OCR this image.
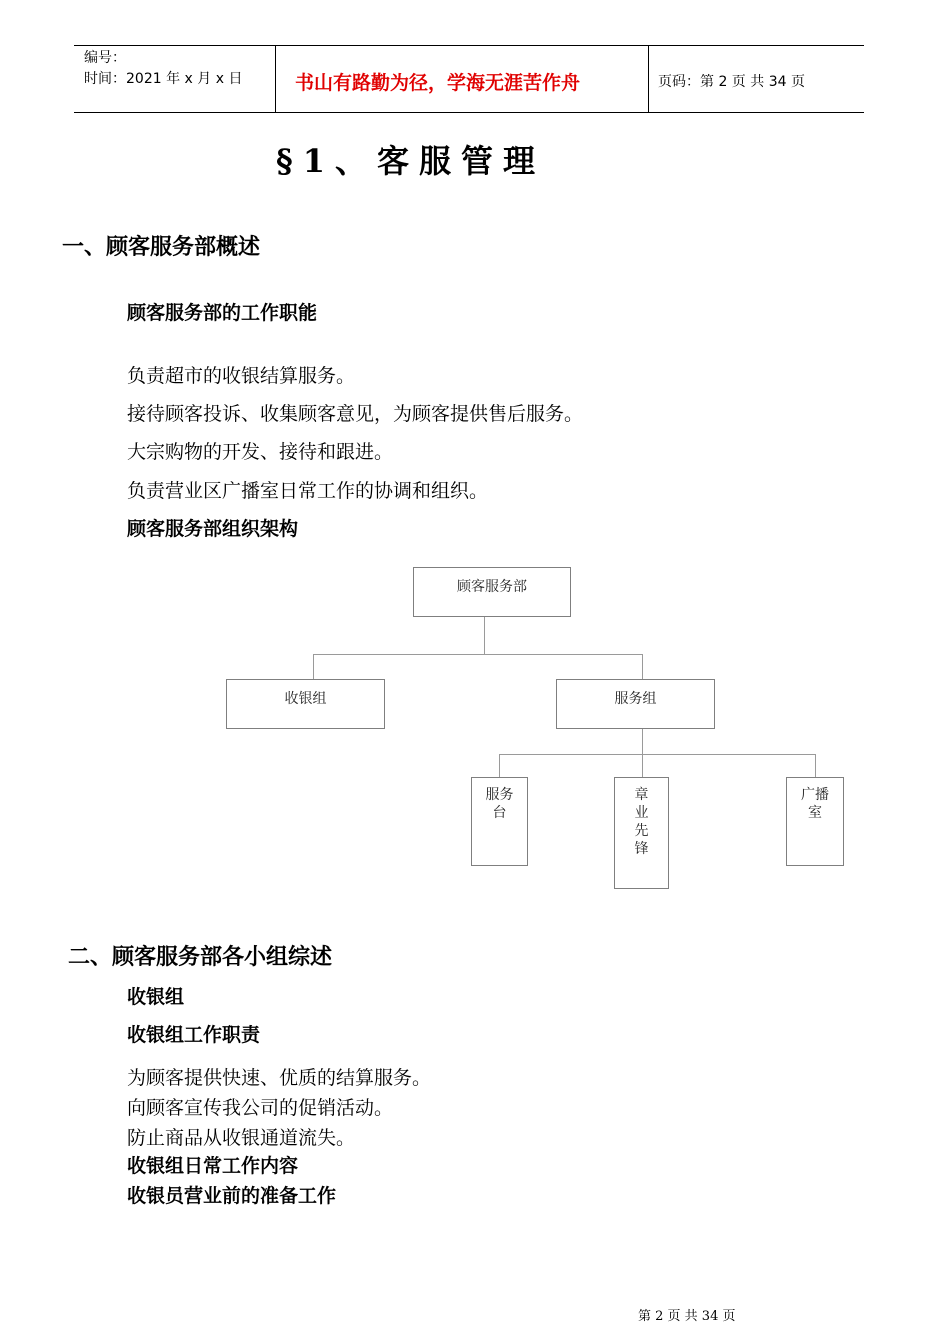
编号：
时间：2021 年 x 月 x 日	书山有路勤为径，学海无涯苦作舟	页码：第 2 页 共 34 页
§1、客服管理
一、顾客服务部概述
顾客服务部的工作职能
负责超市的收银结算服务。
接待顾客投诉、收集顾客意见，为顾客提供售后服务。
大宗购物的开发、接待和跟进。
负责营业区广播室日常工作的协调和组织。
顾客服务部组织架构
顾客服务部
收银组	服务组
服务台
章业先锋
广播室
二、顾客服务部各小组综述
收银组
收银组工作职责
为顾客提供快速、优质的结算服务。
向顾客宣传我公司的促销活动。
防止商品从收银通道流失。
收银组日常工作内容
收银员营业前的准备工作
第 2 页 共 34 页
